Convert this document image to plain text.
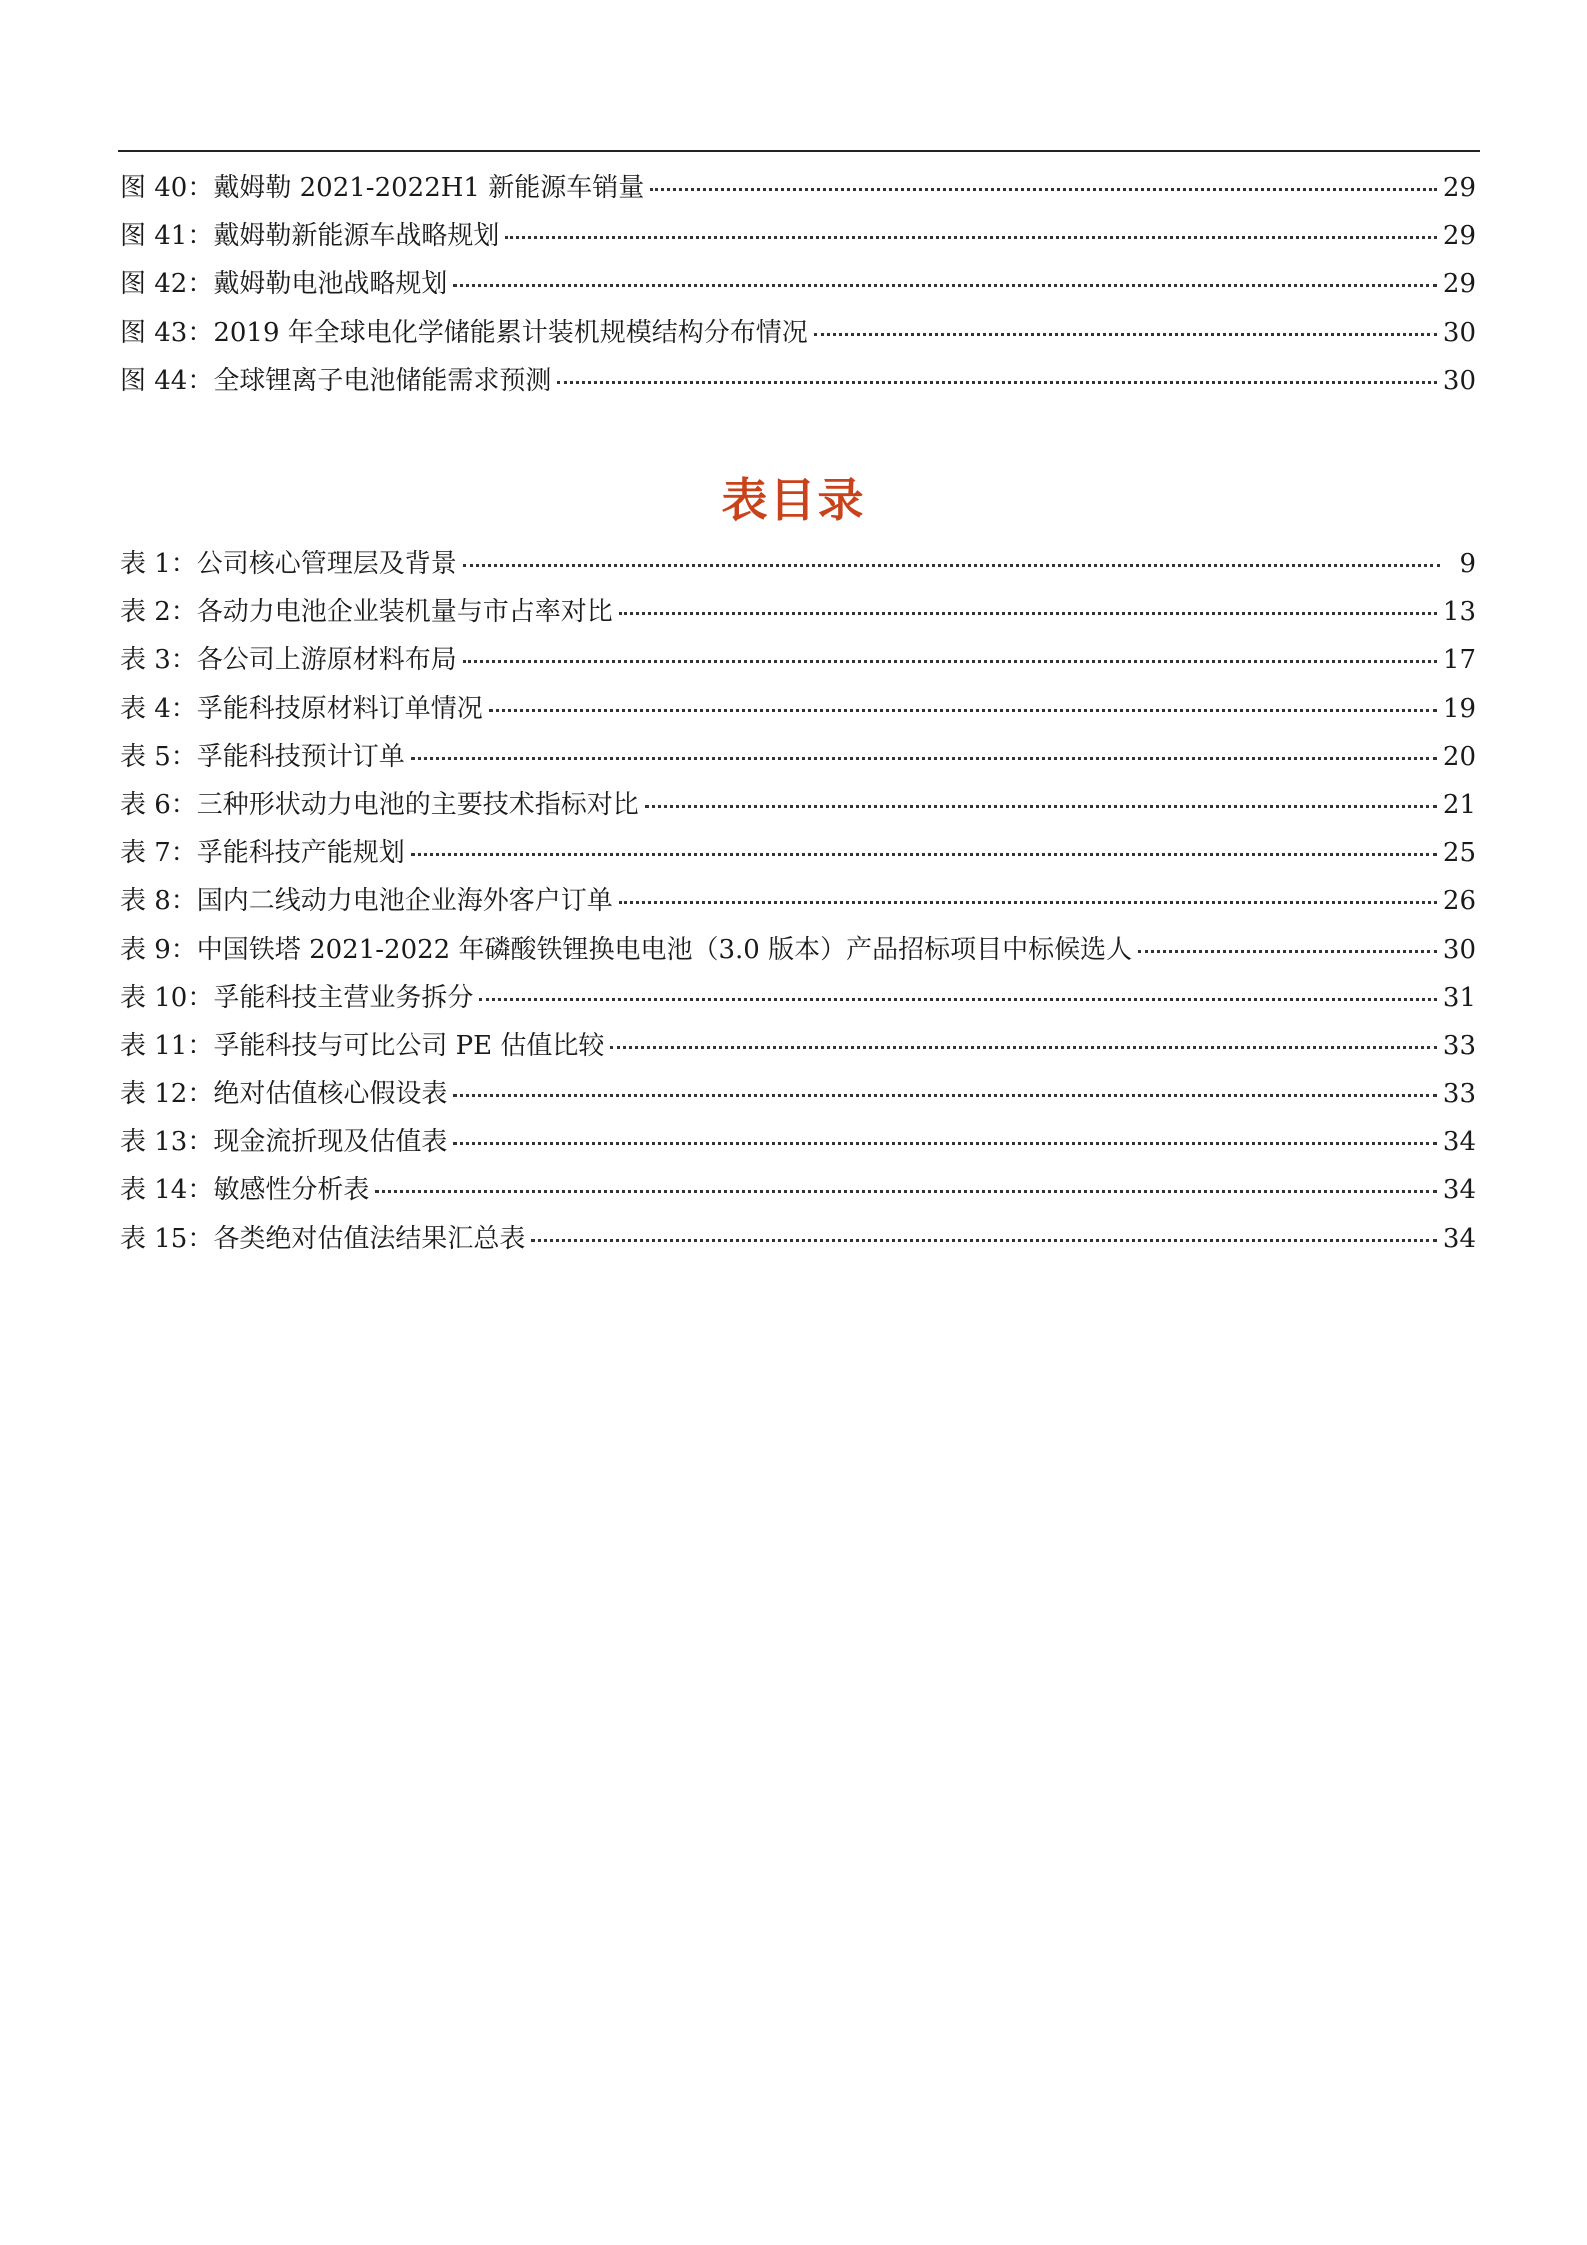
图 40：戴姆勒 2021-2022H1 新能源车销量	29
图 41：戴姆勒新能源车战略规划	29
图 42：戴姆勒电池战略规划	29
图 43：2019 年全球电化学储能累计装机规模结构分布情况	30
图 44：全球锂离子电池储能需求预测	30
表目录
表 1：公司核心管理层及背景	9
表 2：各动力电池企业装机量与市占率对比	13
表 3：各公司上游原材料布局	17
表 4：孚能科技原材料订单情况	19
表 5：孚能科技预计订单	20
表 6：三种形状动力电池的主要技术指标对比	21
表 7：孚能科技产能规划	25
表 8：国内二线动力电池企业海外客户订单	26
表 9：中国铁塔 2021-2022 年磷酸铁锂换电电池（3.0 版本）产品招标项目中标候选人	30
表 10：孚能科技主营业务拆分	31
表 11：孚能科技与可比公司 PE 估值比较	33
表 12：绝对估值核心假设表	33
表 13：现金流折现及估值表	34
表 14：敏感性分析表	34
表 15：各类绝对估值法结果汇总表	34
